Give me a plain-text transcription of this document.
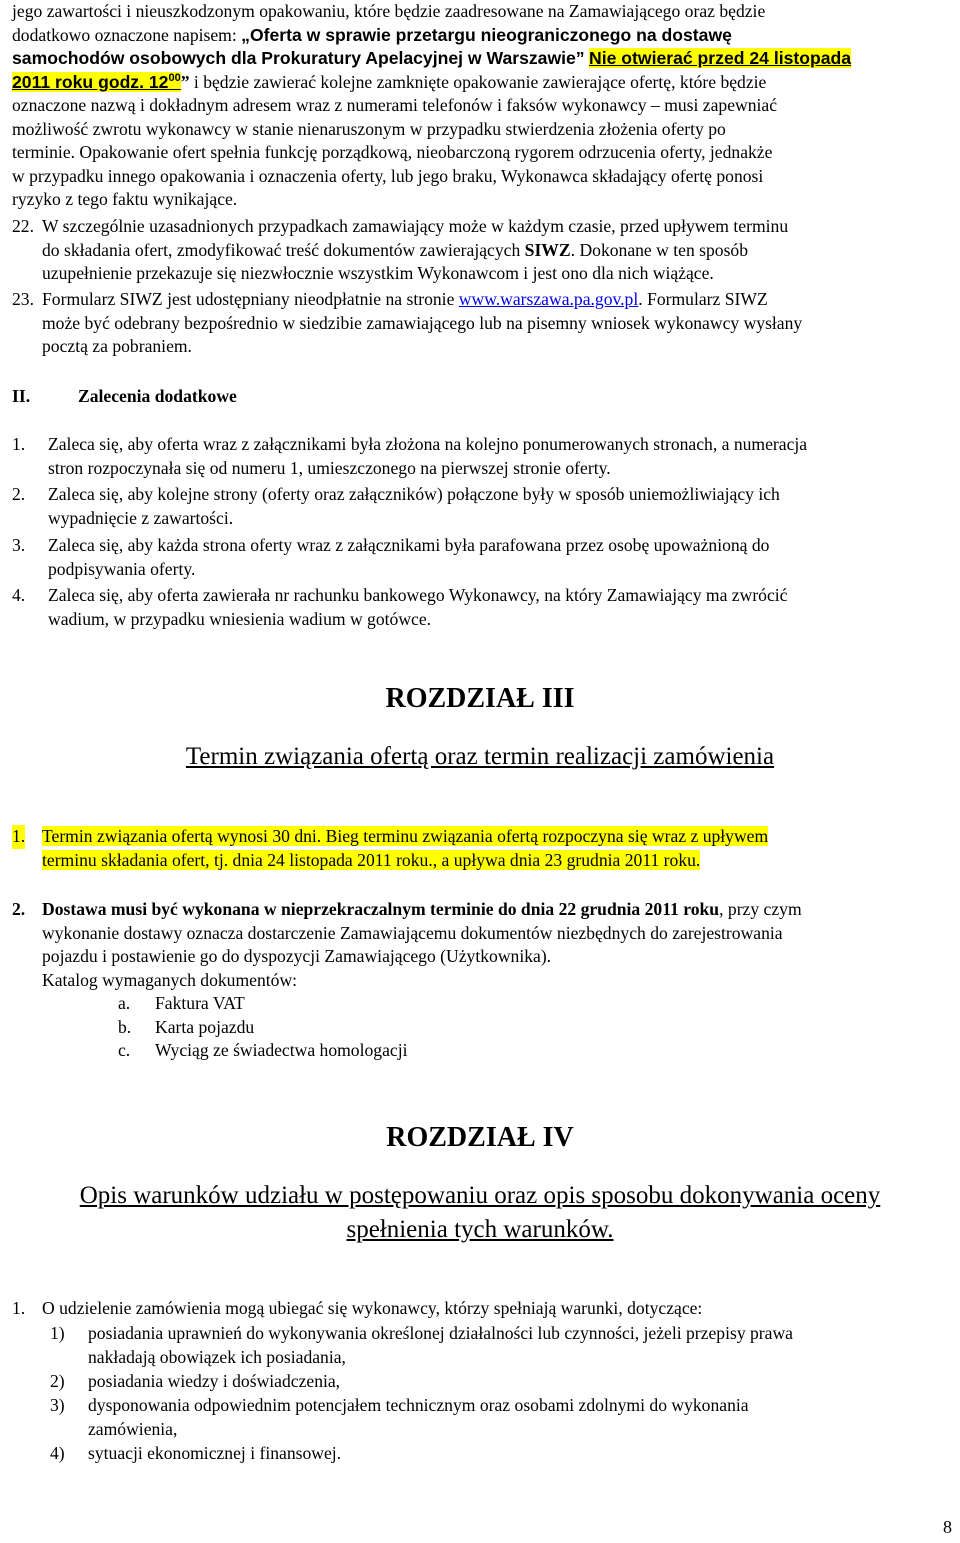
jego zawartości i nieuszkodzonym opakowaniu, które będzie zaadresowane na Zamawiającego oraz będzie
dodatkowo oznaczone napisem: „Oferta w sprawie przetargu nieograniczonego na dostawę
samochodów osobowych dla Prokuratury Apelacyjnej w Warszawie” Nie otwierać przed 24 listopada
2011 roku godz. $12^{00}$” i będzie zawierać kolejne zamknięte opakowanie zawierające ofertę, które będzie
oznaczone nazwą i dokładnym adresem wraz z numerami telefonów i faksów wykonawcy – musi zapewniać
możliwość zwrotu wykonawcy w stanie nienaruszonym w przypadku stwierdzenia złożenia oferty po
terminie. Opakowanie ofert spełnia funkcję porządkową, nieobarczoną rygorem odrzucenia oferty, jednakże
w przypadku innego opakowania i oznaczenia oferty, lub jego braku, Wykonawca składający ofertę ponosi
ryzyko z tego faktu wynikające.
22. W szczególnie uzasadnionych przypadkach zamawiający może w każdym czasie, przed upływem terminu
do składania ofert, zmodyfikować treść dokumentów zawierających SIWZ. Dokonane w ten sposób
uzupełnienie przekazuje się niezwłocznie wszystkim Wykonawcom i jest ono dla nich wiążące.
23. Formularz SIWZ jest udostępniany nieodpłatnie na stronie www.warszawa.pa.gov.pl. Formularz SIWZ
może być odebrany bezpośrednio w siedzibie zamawiającego lub na pisemny wniosek wykonawcy wysłany
pocztą za pobraniem.
II.	Zalecenia dodatkowe
1. Zaleca się, aby oferta wraz z załącznikami była złożona na kolejno ponumerowanych stronach, a numeracja
stron rozpoczynała się od numeru 1, umieszczonego na pierwszej stronie oferty.
2. Zaleca się, aby kolejne strony (oferty oraz załączników) połączone były w sposób uniemożliwiający ich
wypadnięcie z zawartości.
3. Zaleca się, aby każda strona oferty wraz z załącznikami była parafowana przez osobę upoważnioną do
podpisywania oferty.
4. Zaleca się, aby oferta zawierała nr rachunku bankowego Wykonawcy, na który Zamawiający ma zwrócić
wadium, w przypadku wniesienia wadium w gotówce.
ROZDZIAŁ III
Termin związania ofertą oraz termin realizacji zamówienia
1. Termin związania ofertą wynosi 30 dni. Bieg terminu związania ofertą rozpoczyna się wraz z upływem
terminu składania ofert, tj. dnia 24 listopada 2011 roku., a upływa dnia 23 grudnia 2011 roku.
2. Dostawa musi być wykonana w nieprzekraczalnym terminie do dnia 22 grudnia 2011 roku, przy czym
wykonanie dostawy oznacza dostarczenie Zamawiającemu dokumentów niezbędnych do zarejestrowania
pojazdu i postawienie go do dyspozycji Zamawiającego (Użytkownika).
Katalog wymaganych dokumentów:
a. Faktura VAT
b. Karta pojazdu
c. Wyciąg ze świadectwa homologacji
ROZDZIAŁ IV
Opis warunków udziału w postępowaniu oraz opis sposobu dokonywania oceny
spełnienia tych warunków.
1. O udzielenie zamówienia mogą ubiegać się wykonawcy, którzy spełniają warunki, dotyczące:
1) posiadania uprawnień do wykonywania określonej działalności lub czynności, jeżeli przepisy prawa
nakładają obowiązek ich posiadania,
2) posiadania wiedzy i doświadczenia,
3) dysponowania odpowiednim potencjałem technicznym oraz osobami zdolnymi do wykonania
zamówienia,
4) sytuacji ekonomicznej i finansowej.
8
